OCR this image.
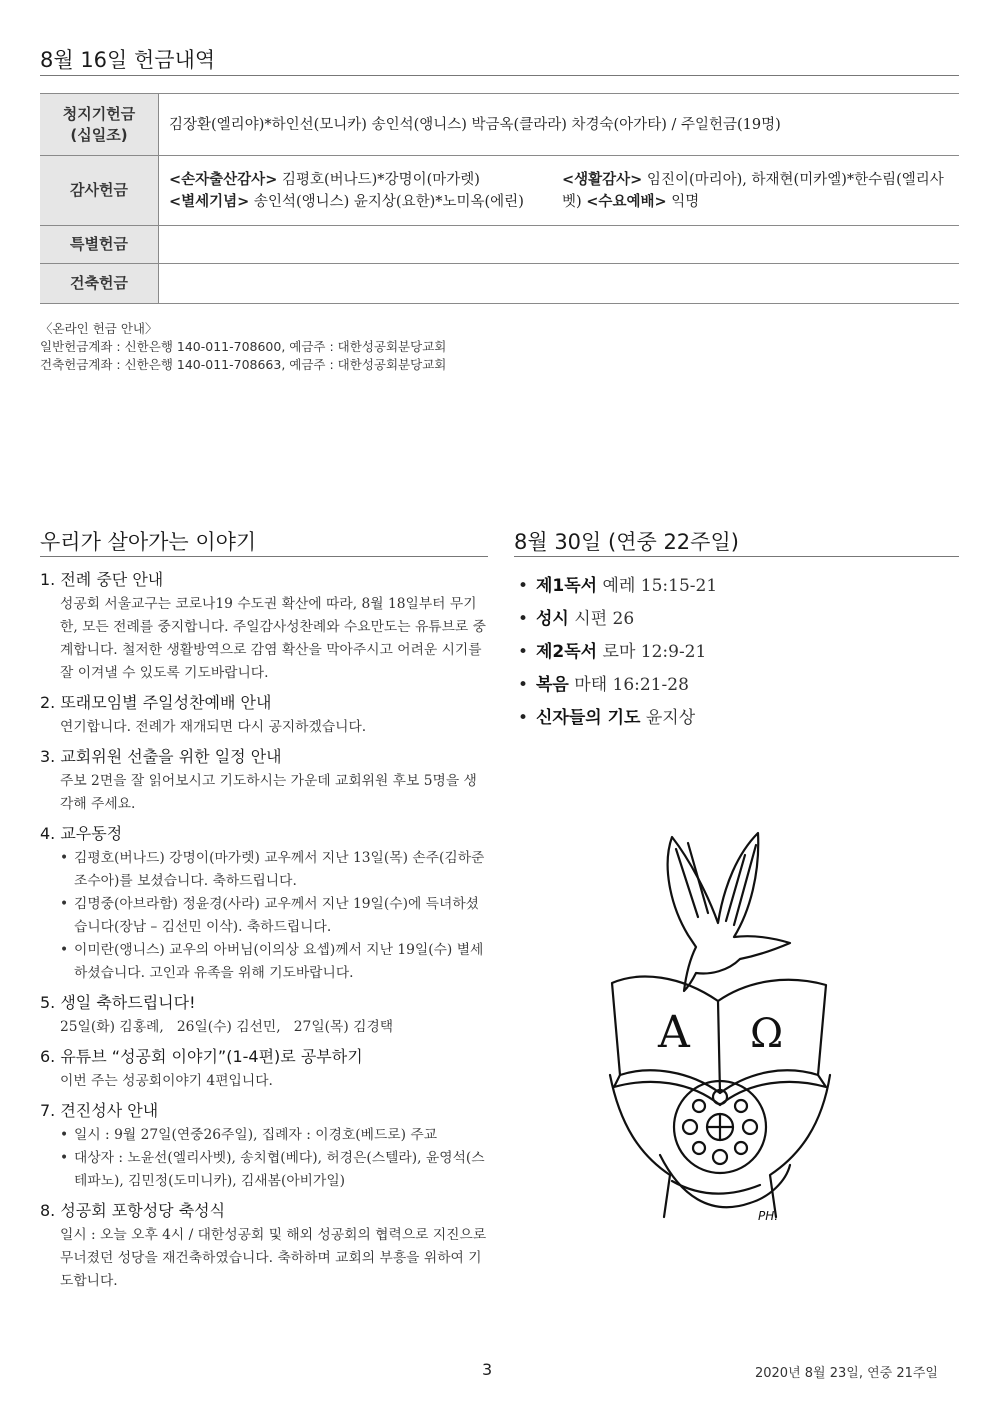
8월 16일 헌금내역
청지기헌금
(십일조)	김장환(엘리야)*하인선(모니카) 송인석(앵니스) 박금옥(클라라) 차경숙(아가타) / 주일헌금(19명)
감사헌금	<손자출산감사> 김평호(버나드)*강명이(마가렛)
<별세기념> 송인석(앵니스) 윤지상(요한)*노미옥(에린)
<생활감사> 임진이(마리아), 하재현(미카엘)*한수림(엘리사
벳) <수요예배> 익명

특별헌금	
건축헌금	
〈온라인 헌금 안내〉
일반헌금계좌 : 신한은행 140-011-708600, 예금주 : 대한성공회분당교회
건축헌금계좌 : 신한은행 140-011-708663, 예금주 : 대한성공회분당교회
우리가 살아가는 이야기
1. 전례 중단 안내
성공회 서울교구는 코로나19 수도권 확산에 따라, 8월 18일부터 무기한, 모든 전례를 중지합니다. 주일감사성찬례와 수요만도는 유튜브로 중계합니다. 철저한 생활방역으로 감염 확산을 막아주시고 어려운 시기를 잘 이겨낼 수 있도록 기도바랍니다.
2. 또래모임별 주일성찬예배 안내
연기합니다. 전례가 재개되면 다시 공지하겠습니다.
3. 교회위원 선출을 위한 일정 안내
주보 2면을 잘 읽어보시고 기도하시는 가운데 교회위원 후보 5명을 생각해 주세요.
4. 교우동정
• 김평호(버나드) 강명이(마가렛) 교우께서 지난 13일(목) 손주(김하준 조수아)를 보셨습니다. 축하드립니다.
• 김명중(아브라함) 정윤경(사라) 교우께서 지난 19일(수)에 득녀하셨습니다(장남 – 김선민 이삭). 축하드립니다.
• 이미란(앵니스) 교우의 아버님(이의상 요셉)께서 지난 19일(수) 별세하셨습니다. 고인과 유족을 위해 기도바랍니다.
5. 생일 축하드립니다!
25일(화) 김홍례,   26일(수) 김선민,   27일(목) 김경택
6. 유튜브 “성공회 이야기”(1-4편)로 공부하기
이번 주는 성공회이야기 4편입니다.
7. 견진성사 안내
• 일시 : 9월 27일(연중26주일), 집례자 : 이경호(베드로) 주교
• 대상자 : 노윤선(엘리사벳), 송치협(베다), 허경은(스텔라), 윤영석(스테파노), 김민정(도미니카), 김새봄(아비가일)
8. 성공회 포항성당 축성식
일시 : 오늘 오후 4시 / 대한성공회 및 해외 성공회의 협력으로 지진으로 무너졌던 성당을 재건축하였습니다. 축하하며 교회의 부흥을 위하여 기도합니다.
8월 30일 (연중 22주일)
• 제1독서 예레 15:15-21
• 성시 시편 26
• 제2독서 로마 12:9-21
• 복음 마태 16:21-28
• 신자들의 기도 윤지상
Α Ω
PH.
3	2020년 8월 23일, 연중 21주일
